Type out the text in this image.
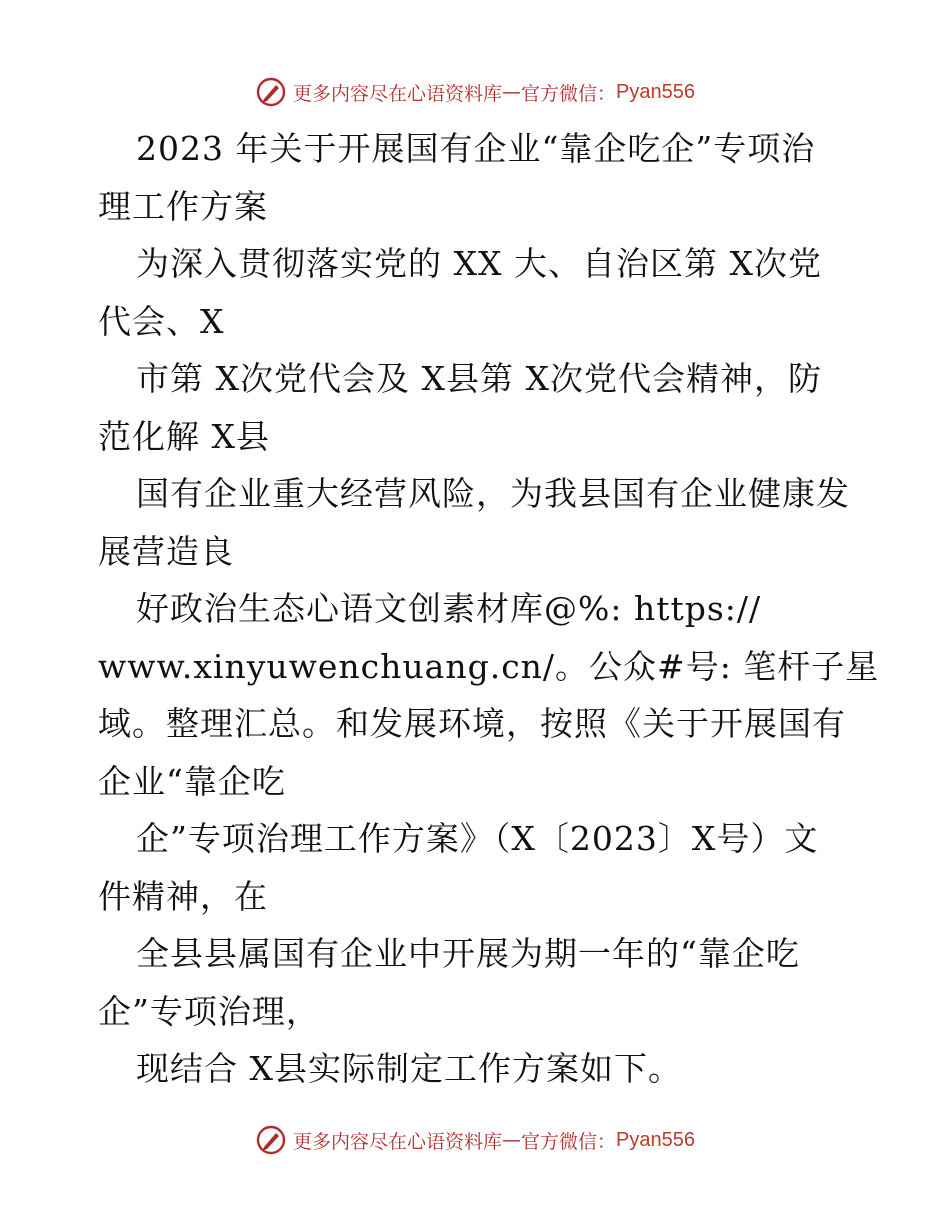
更多内容尽在心语资料库 — 官方微信： Pyan556
2023 年关于开展国有企业“靠企吃企”专项治
理工作方案
为深入贯彻落实党的 XX 大、自治区第 X次党
代会、X
市第 X次党代会及 X县第 X次党代会精神，防
范化解 X县
国有企业重大经营风险，为我县国有企业健康发
展营造良
好政治生态心语文创素材库@%: https://
www.xinyuwenchuang.cn/。公众#号: 笔杆子星
域。整理汇总。和发展环境，按照《关于开展国有
企业“靠企吃
企”专项治理工作方案》（X〔2023〕X号）文
件精神，在
全县县属国有企业中开展为期一年的“靠企吃
企”专项治理，
现结合 X县实际制定工作方案如下。
更多内容尽在心语资料库 — 官方微信： Pyan556
